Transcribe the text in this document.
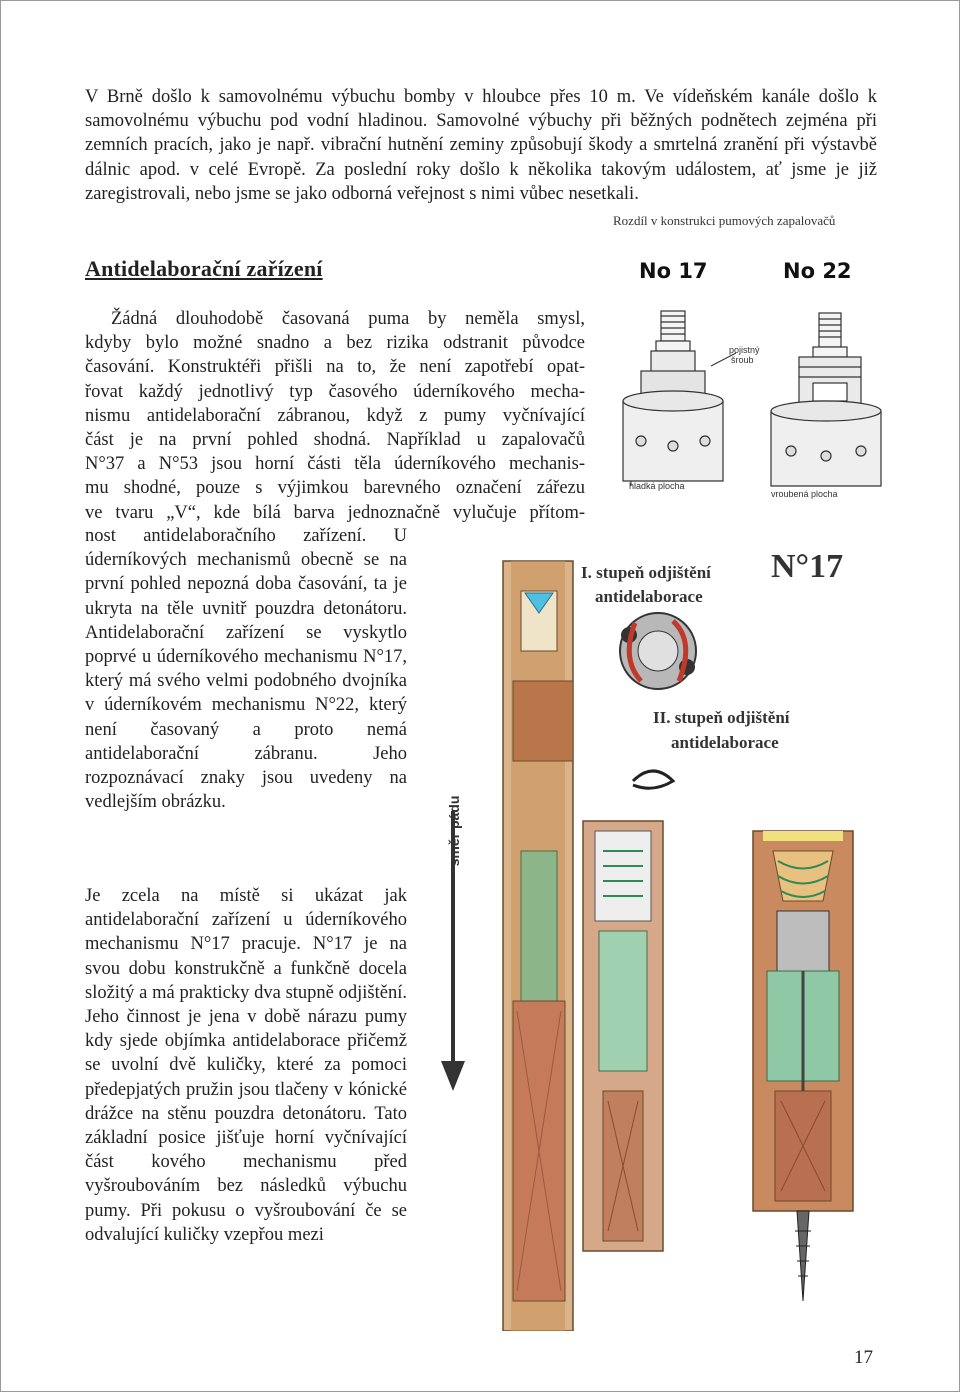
V Brně došlo k samovolnému výbuchu bomby v hloubce přes 10 m. Ve vídeňském kanále došlo k samovolnému výbuchu pod vodní hladinou. Samovolné výbuchy při běžných podnětech zejména při zemních pracích, jako je např. vibrační hutnění zeminy způsobují škody a smrtelná zranění při výstavbě dálnic apod. v celé Evropě. Za poslední roky došlo k několika takovým událostem, ať jsme je již zaregistrovali, nebo jsme se jako odborná veřejnost s nimi vůbec nesetkali.
Rozdíl v konstrukci pumových zapalovačů
Antidelaborační zařízení	No 17	No 22
Žádná dlouhodobě časovaná puma by neměla smysl,
kdyby bylo možné snadno a bez rizika odstranit původce
časování. Konstruktéři přišli na to, že není zapotřebí opat-
řovat každý jednotlivý typ časového úderníkového mecha-
nismu antidelaborační zábranou, když z pumy vyčnívající
část je na první pohled shodná. Například u zapalovačů
N°37 a N°53 jsou horní části těla úderníkového mechanis-
mu shodné, pouze s výjimkou barevného označení zářezu
ve tvaru „V“, kde bílá barva jednoznačně vylučuje přítom-
nost antidelaboračního zařízení. U úderníkových mechanismů obecně se na první pohled nepozná doba časování, ta je ukryta na těle uvnitř pouzdra detonátoru. Antidelaborační zařízení se vyskytlo poprvé u úderníkového mechanismu N°17, který má svého velmi podobného dvojníka v úderníkovém mechanismu N°22, který není časovaný a proto nemá antidelaborační zábranu. Jeho rozpoznávací znaky jsou uvedeny na vedlejším obrázku.
Je zcela na místě si ukázat jak antidelaborační zařízení u úderníkového mechanismu N°17 pracuje. N°17 je na svou dobu konstrukčně a funkčně docela složitý a má prakticky dva stupně odjištění. Jeho činnost je jena v době nárazu pumy kdy sjede objímka antidelaborace přičemž se uvolní dvě kuličky, které za pomoci předepjatých pružin jsou tlačeny v kónické drážce na stěnu pouzdra detonátoru. Tato základní posice jišťuje horní vyčnívající část kového mechanismu před vyšroubováním bez následků výbuchu pumy. Při pokusu o vyšroubování če se odvalující kuličky vzepřou mezi
17
pojistný
šroub
hladká plocha
vroubená plocha
N°17
I. stupeň odjištění
antidelaborace
II. stupeň odjištění
antidelaborace
směr pádu
